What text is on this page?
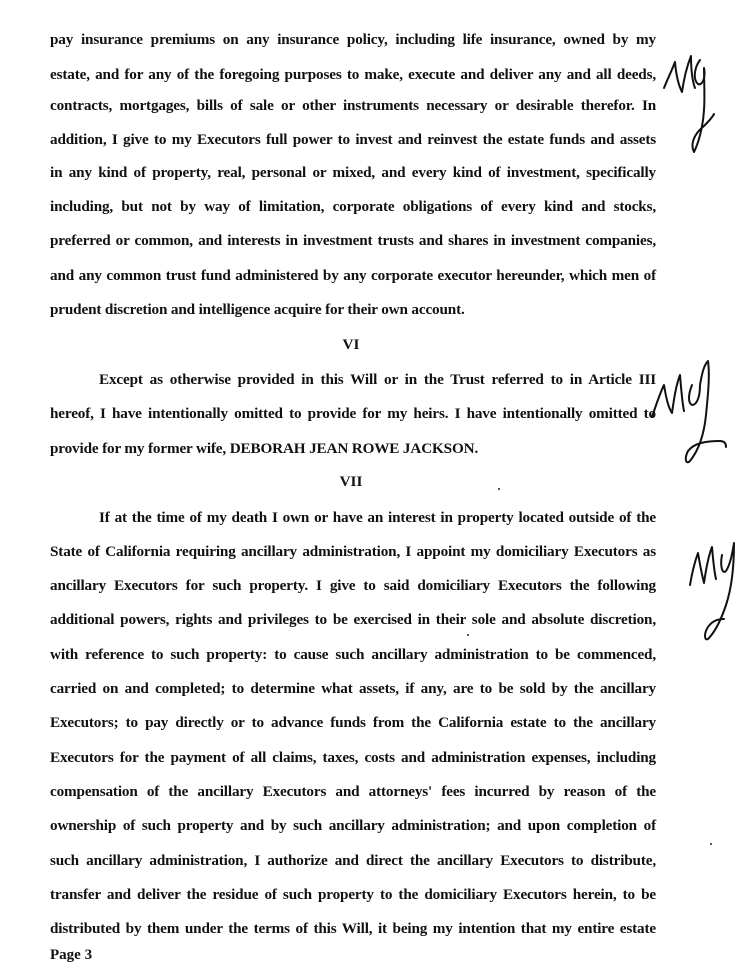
pay insurance premiums on any insurance policy, including life insurance, owned by my
estate, and for any of the foregoing purposes to make, execute and deliver any and all deeds,
contracts, mortgages, bills of sale or other instruments necessary or desirable therefor. In
addition, I give to my Executors full power to invest and reinvest the estate funds and assets
in any kind of property, real, personal or mixed, and every kind of investment, specifically
including, but not by way of limitation, corporate obligations of every kind and stocks,
preferred or common, and interests in investment trusts and shares in investment companies,
and any common trust fund administered by any corporate executor hereunder, which men of
prudent discretion and intelligence acquire for their own account.
VI
Except as otherwise provided in this Will or in the Trust referred to in Article III
hereof, I have intentionally omitted to provide for my heirs. I have intentionally omitted to
provide for my former wife, DEBORAH JEAN ROWE JACKSON.
VII
If at the time of my death I own or have an interest in property located outside of the
State of California requiring ancillary administration, I appoint my domiciliary Executors as
ancillary Executors for such property. I give to said domiciliary Executors the following
additional powers, rights and privileges to be exercised in their sole and absolute discretion,
with reference to such property: to cause such ancillary administration to be commenced,
carried on and completed; to determine what assets, if any, are to be sold by the ancillary
Executors; to pay directly or to advance funds from the California estate to the ancillary
Executors for the payment of all claims, taxes, costs and administration expenses, including
compensation of the ancillary Executors and attorneys' fees incurred by reason of the
ownership of such property and by such ancillary administration; and upon completion of
such ancillary administration, I authorize and direct the ancillary Executors to distribute,
transfer and deliver the residue of such property to the domiciliary Executors herein, to be
distributed by them under the terms of this Will, it being my intention that my entire estate
Page 3
